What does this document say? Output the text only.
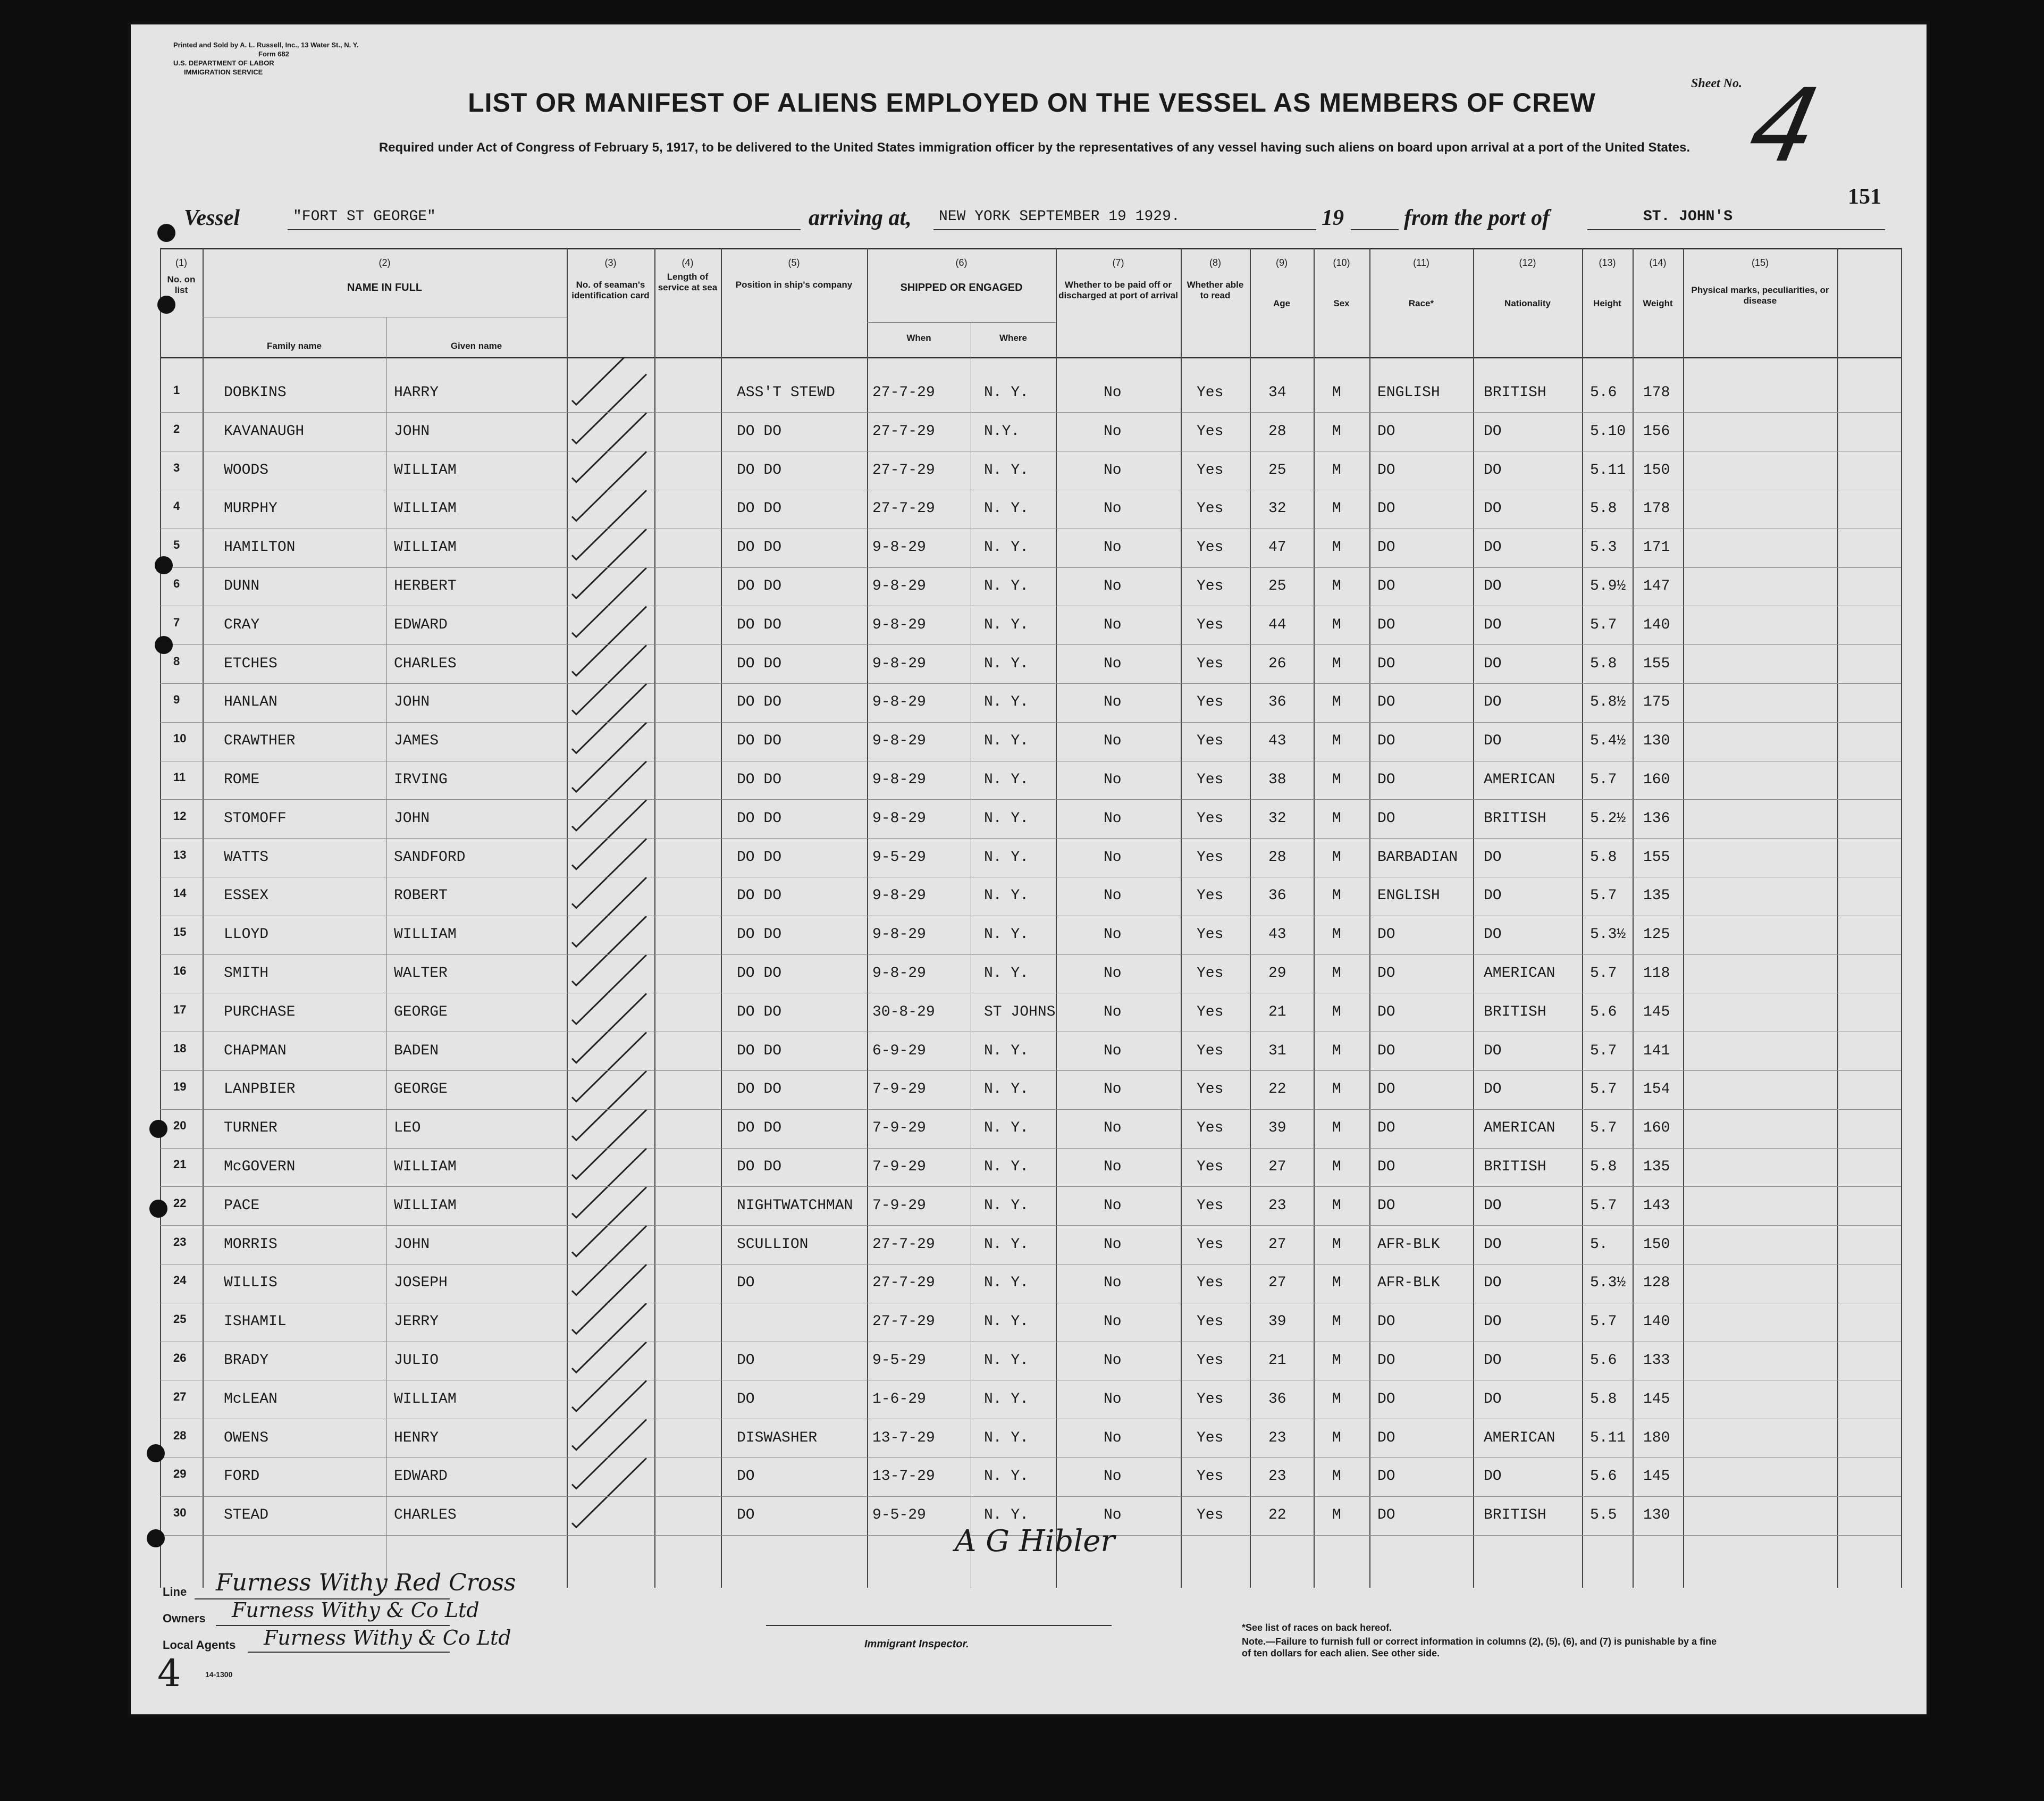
Printed and Sold by A. L. Russell, Inc., 13 Water St., N. Y.
Form 682
U.S. DEPARTMENT OF LABOR
IMMIGRATION SERVICE
LIST OR MANIFEST OF ALIENS EMPLOYED ON THE VESSEL AS MEMBERS OF CREW
Required under Act of Congress of February 5, 1917, to be delivered to the United States immigration officer by the representatives of any vessel having such aliens on board upon arrival at a port of the United States.
Sheet No.
4
151
Vessel	"FORT ST GEORGE"	arriving at, NEW YORK SEPTEMBER 19 1929.	19	from the port of	ST. JOHN'S
(1)	(2)	(3)	(4)	(5)	(6)	(7)	(8)	(9)	(10)	(11)	(12)	(13)	(14)	(15)
No. on list	NAME IN FULL
Family name	Given name
No. of seaman's identification card
Length of service at sea	Position in ship's company	SHIPPED OR ENGAGED
When	Where
Whether to be paid off or discharged at port of arrival
Whether able to read
Age	Sex	Race*	Nationality	Height	Weight
Physical marks, peculiarities, or disease
1	DOBKINS	HARRY	ASS'T STEWD	27-7-29	N. Y.	No	Yes	34	M ENGLISH	BRITISH	5.6 178
2	KAVANAUGH	JOHN	DO DO	27-7-29	N.Y.	No	Yes	28	M DO	DO	5.10 156
3	WOODS	WILLIAM	DO DO	27-7-29	N. Y.	No	Yes	25	M DO	DO	5.11 150
4	MURPHY	WILLIAM	DO DO	27-7-29	N. Y.	No	Yes	32	M DO	DO	5.8 178
5	HAMILTON	WILLIAM	DO DO	9-8-29	N. Y.	No	Yes	47	M DO	DO	5.3 171
6	DUNN	HERBERT	DO DO	9-8-29	N. Y.	No	Yes	25	M DO	DO	5.9½ 147
7	CRAY	EDWARD	DO DO	9-8-29	N. Y.	No	Yes	44	M DO	DO	5.7 140
8	ETCHES	CHARLES	DO DO	9-8-29	N. Y.	No	Yes	26	M DO	DO	5.8 155
9	HANLAN	JOHN	DO DO	9-8-29	N. Y.	No	Yes	36	M DO	DO	5.8½ 175
10	CRAWTHER	JAMES	DO DO	9-8-29	N. Y.	No	Yes	43	M DO	DO	5.4½ 130
11	ROME	IRVING	DO DO	9-8-29	N. Y.	No	Yes	38	M DO	AMERICAN 5.7 160
12	STOMOFF	JOHN	DO DO	9-8-29	N. Y.	No	Yes	32	M DO	BRITISH	5.2½ 136
13	WATTS	SANDFORD	DO DO	9-5-29	N. Y.	No	Yes	28	M BARBADIAN DO	5.8 155
14	ESSEX	ROBERT	DO DO	9-8-29	N. Y.	No	Yes	36	M ENGLISH	DO	5.7 135
15	LLOYD	WILLIAM	DO DO	9-8-29	N. Y.	No	Yes	43	M DO	DO	5.3½ 125
16	SMITH	WALTER	DO DO	9-8-29	N. Y.	No	Yes	29	M DO	AMERICAN 5.7 118
17	PURCHASE	GEORGE	DO DO	30-8-29	ST JOHNS	No	Yes	21	M DO	BRITISH	5.6 145
18	CHAPMAN	BADEN	DO DO	6-9-29	N. Y.	No	Yes	31	M DO	DO	5.7 141
19	LANPBIER	GEORGE	DO DO	7-9-29	N. Y.	No	Yes	22	M DO	DO	5.7 154
20	TURNER	LEO	DO DO	7-9-29	N. Y.	No	Yes	39	M DO	AMERICAN 5.7 160
21	McGOVERN	WILLIAM	DO DO	7-9-29	N. Y.	No	Yes	27	M DO	BRITISH	5.8 135
22	PACE	WILLIAM	NIGHTWATCHMAN 7-9-29	N. Y.	No	Yes	23	M DO	DO	5.7 143
23	MORRIS	JOHN	SCULLION	27-7-29	N. Y.	No	Yes	27	M AFR-BLK	DO	5. 150
24	WILLIS	JOSEPH	DO	27-7-29	N. Y.	No	Yes	27	M AFR-BLK	DO	5.3½ 128
25	ISHAMIL	JERRY	27-7-29	N. Y.	No	Yes	39	M DO	DO	5.7 140
26	BRADY	JULIO	DO	9-5-29	N. Y.	No	Yes	21	M DO	DO	5.6 133
27	McLEAN	WILLIAM	DO	1-6-29	N. Y.	No	Yes	36	M DO	DO	5.8 145
28	OWENS	HENRY	DISWASHER	13-7-29	N. Y.	No	Yes	23	M DO	AMERICAN 5.11 180
29	FORD	EDWARD	DO	13-7-29	N. Y.	No	Yes	23	M DO	DO	5.6 145
30	STEAD	CHARLES	DO	9-5-29	N. Y.	No	Yes	22	M DO	BRITISH	5.5 130
Line Furness Withy Red Cross
Owners Furness Withy & Co Ltd
Local Agents Furness Withy & Co Ltd
4	14-1300
A G Hibler
Immigrant Inspector.
*See list of races on back hereof.
Note.—Failure to furnish full or correct information in columns (2), (5), (6), and (7) is punishable by a fine of ten dollars for each alien. See other side.
